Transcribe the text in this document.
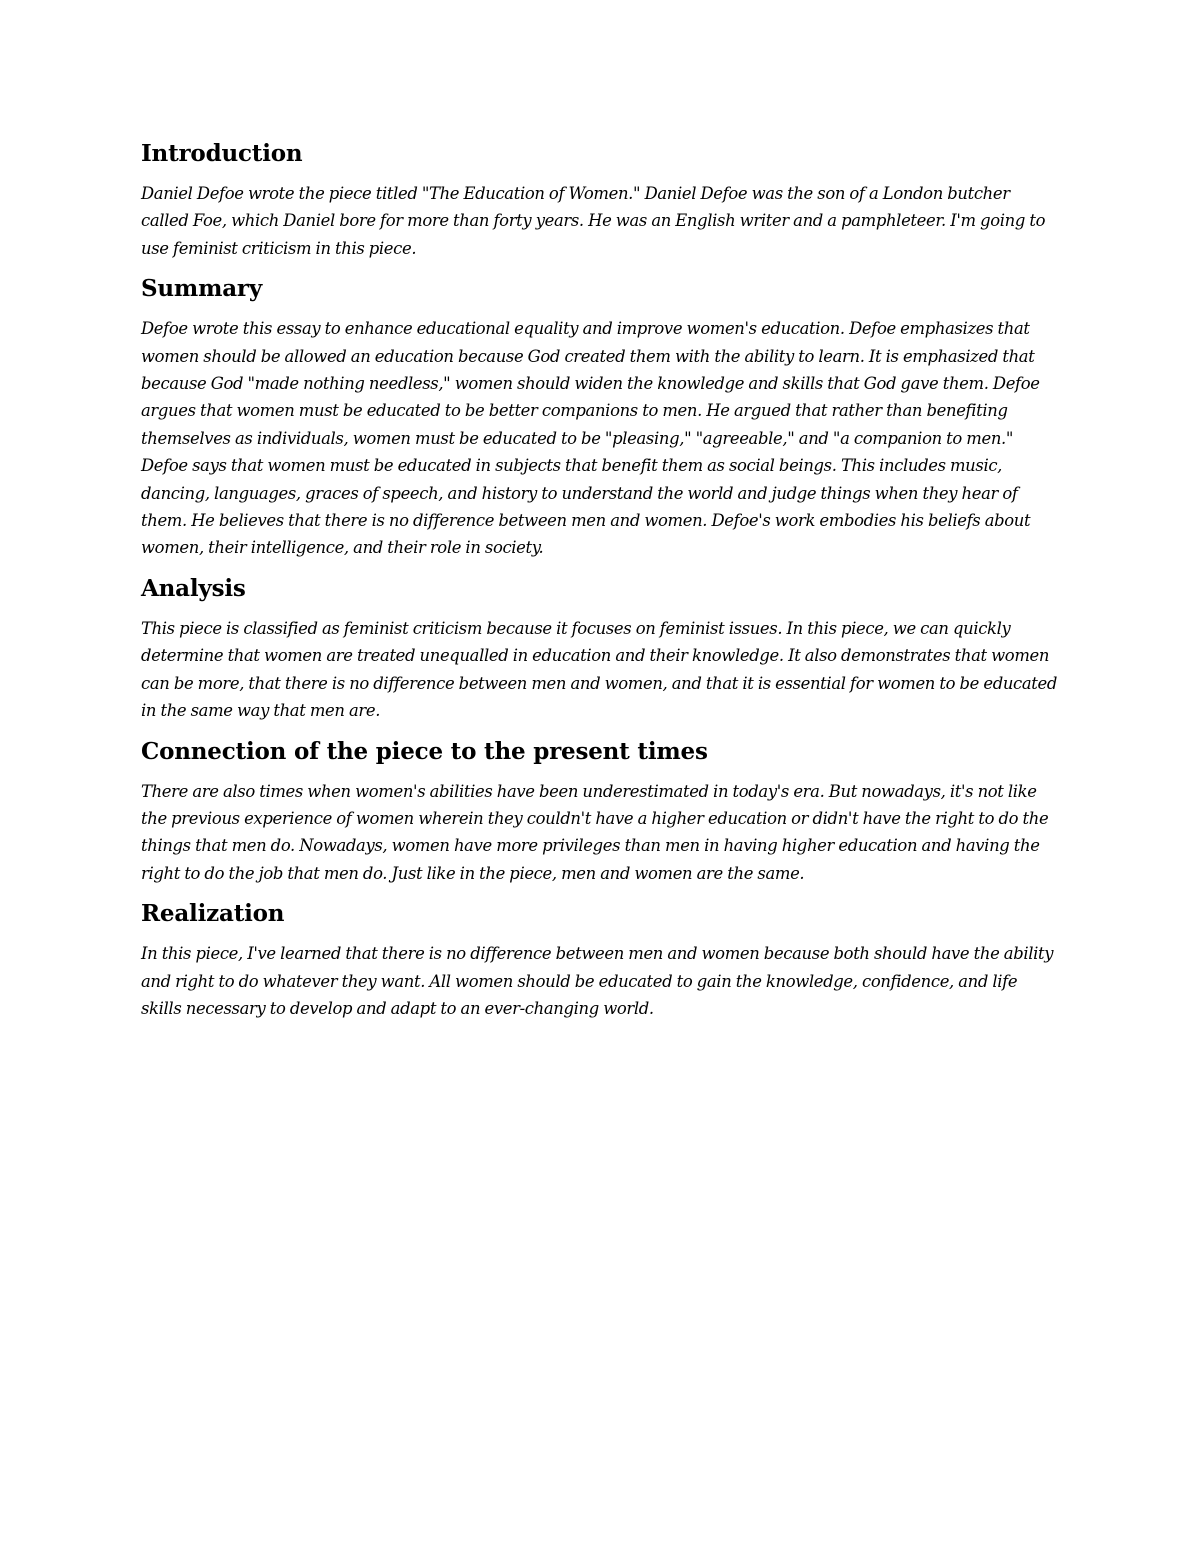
Introduction

Daniel Defoe wrote the piece titled "The Education of Women." Daniel Defoe was the son of a London butcher called Foe, which Daniel bore for more than forty years. He was an English writer and a pamphleteer. I'm going to use feminist criticism in this piece.

Summary

Defoe wrote this essay to enhance educational equality and improve women's education. Defoe emphasizes that women should be allowed an education because God created them with the ability to learn. It is emphasized that because God "made nothing needless," women should widen the knowledge and skills that God gave them. Defoe argues that women must be educated to be better companions to men. He argued that rather than benefiting themselves as individuals, women must be educated to be "pleasing," "agreeable," and "a companion to men." Defoe says that women must be educated in subjects that benefit them as social beings. This includes music, dancing, languages, graces of speech, and history to understand the world and judge things when they hear of them. He believes that there is no difference between men and women. Defoe's work embodies his beliefs about women, their intelligence, and their role in society.

Analysis

This piece is classified as feminist criticism because it focuses on feminist issues. In this piece, we can quickly determine that women are treated unequalled in education and their knowledge. It also demonstrates that women can be more, that there is no difference between men and women, and that it is essential for women to be educated in the same way that men are.

Connection of the piece to the present times

There are also times when women's abilities have been underestimated in today's era. But nowadays, it's not like the previous experience of women wherein they couldn't have a higher education or didn't have the right to do the things that men do. Nowadays, women have more privileges than men in having higher education and having the right to do the job that men do. Just like in the piece, men and women are the same.

Realization

In this piece, I've learned that there is no difference between men and women because both should have the ability and right to do whatever they want. All women should be educated to gain the knowledge, confidence, and life skills necessary to develop and adapt to an ever-changing world.
